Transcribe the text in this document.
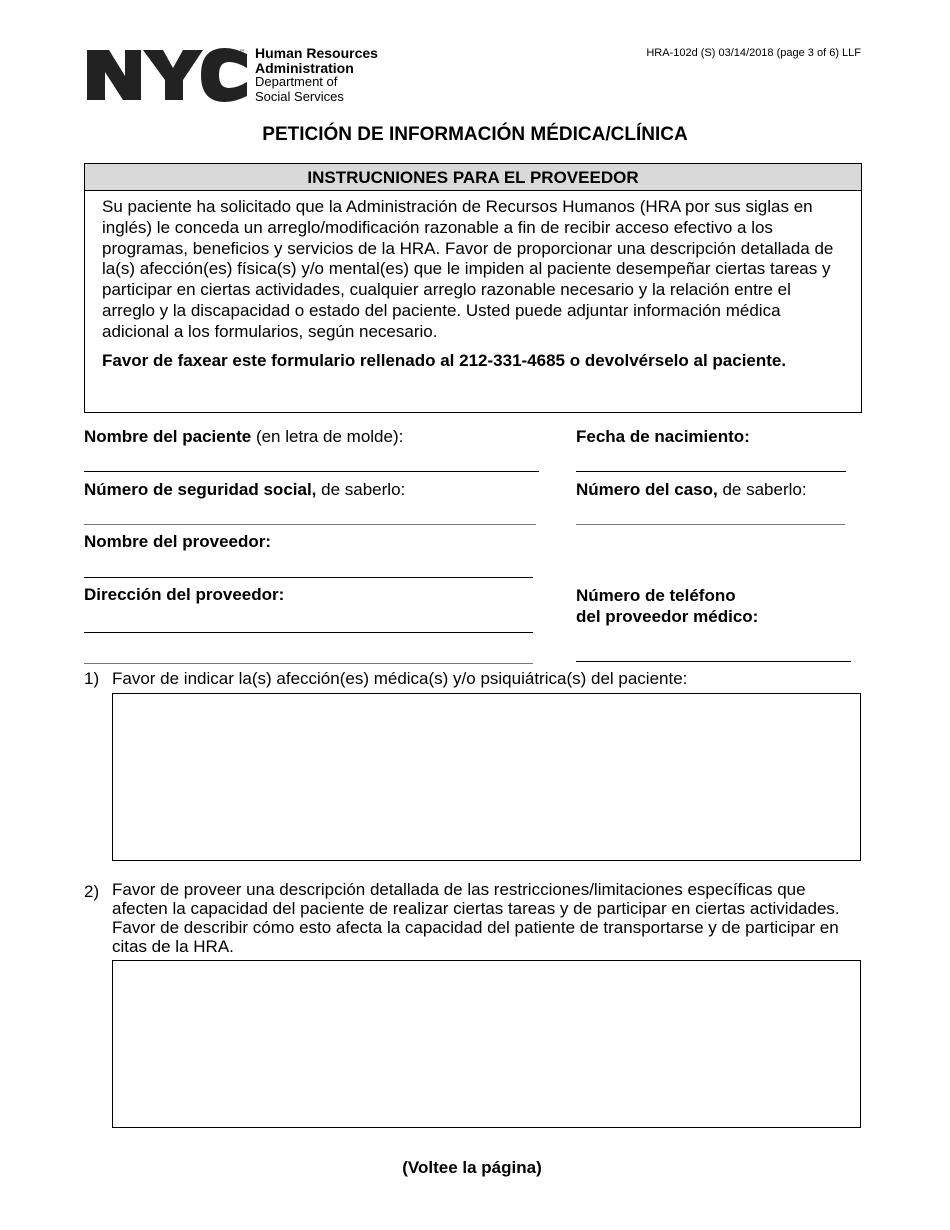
™ Human Resources
Administration
Department of
Social Services
HRA-102d (S) 03/14/2018 (page 3 of 6) LLF
PETICIÓN DE INFORMACIÓN MÉDICA/CLÍNICA
INSTRUCNIONES PARA EL PROVEEDOR
Su paciente ha solicitado que la Administración de Recursos Humanos (HRA por sus siglas en inglés) le conceda un arreglo/modificación razonable a fin de recibir acceso efectivo a los programas, beneficios y servicios de la HRA. Favor de proporcionar una descripción detallada de la(s) afección(es) física(s) y/o mental(es) que le impiden al paciente desempeñar ciertas tareas y participar en ciertas actividades, cualquier arreglo razonable necesario y la relación entre el arreglo y la discapacidad o estado del paciente. Usted puede adjuntar información médica adicional a los formularios, según necesario.
Favor de faxear este formulario rellenado al 212-331-4685 o devolvérselo al paciente.
Nombre del paciente (en letra de molde):	Fecha de nacimiento:
Número de seguridad social, de saberlo:	Número del caso, de saberlo:
Nombre del proveedor:
Dirección del proveedor:	Número de teléfono
del proveedor médico:
1) Favor de indicar la(s) afección(es) médica(s) y/o psiquiátrica(s) del paciente:
2) Favor de proveer una descripción detallada de las restricciones/limitaciones específicas que afecten la capacidad del paciente de realizar ciertas tareas y de participar en ciertas actividades. Favor de describir cómo esto afecta la capacidad del patiente de transportarse y de participar en citas de la HRA.
(Voltee la página)
